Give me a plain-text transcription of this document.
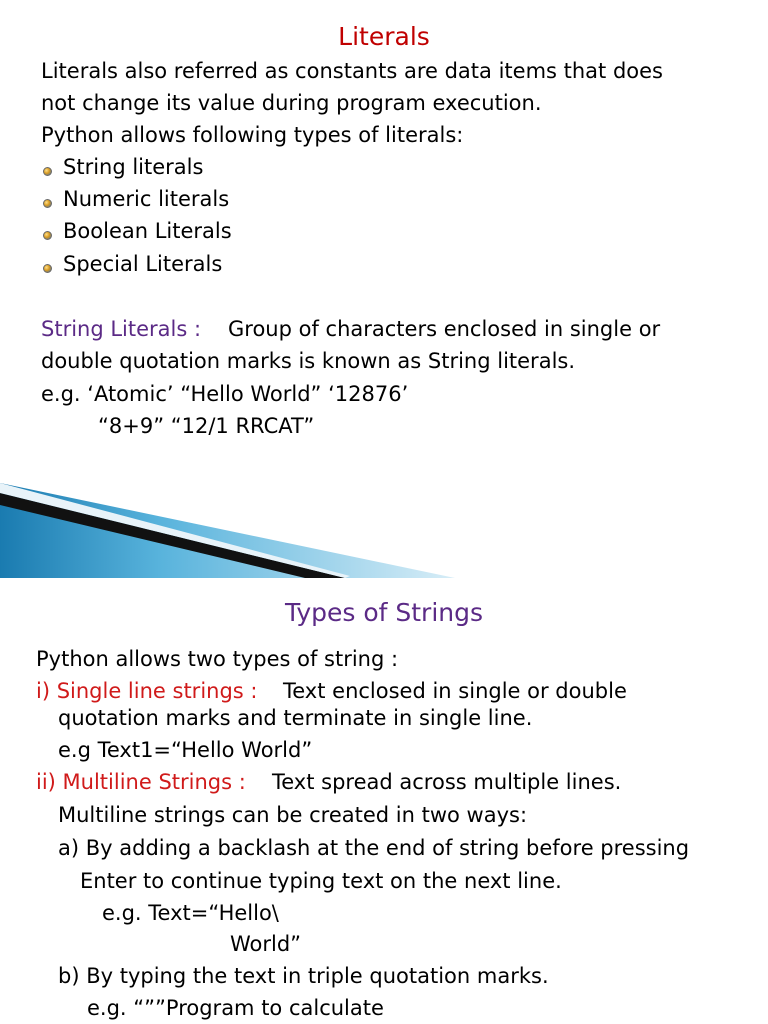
Literals
Literals also referred as constants are data items that does
not change its value during program execution.
Python allows following types of literals:
String literals
Numeric literals
Boolean Literals
Special Literals
String Literals : Group of characters enclosed in single or
double quotation marks is known as String literals.
e.g. ‘Atomic’ “Hello World” ‘12876’
“8+9” “12/1 RRCAT”
Types of Strings
Python allows two types of string :
i) Single line strings : Text enclosed in single or double
quotation marks and terminate in single line.
e.g Text1=“Hello World”
ii) Multiline Strings : Text spread across multiple lines.
Multiline strings can be created in two ways:
a) By adding a backlash at the end of string before pressing
Enter to continue typing text on the next line.
e.g. Text=“Hello\
World”
b) By typing the text in triple quotation marks.
e.g. “””Program to calculate
